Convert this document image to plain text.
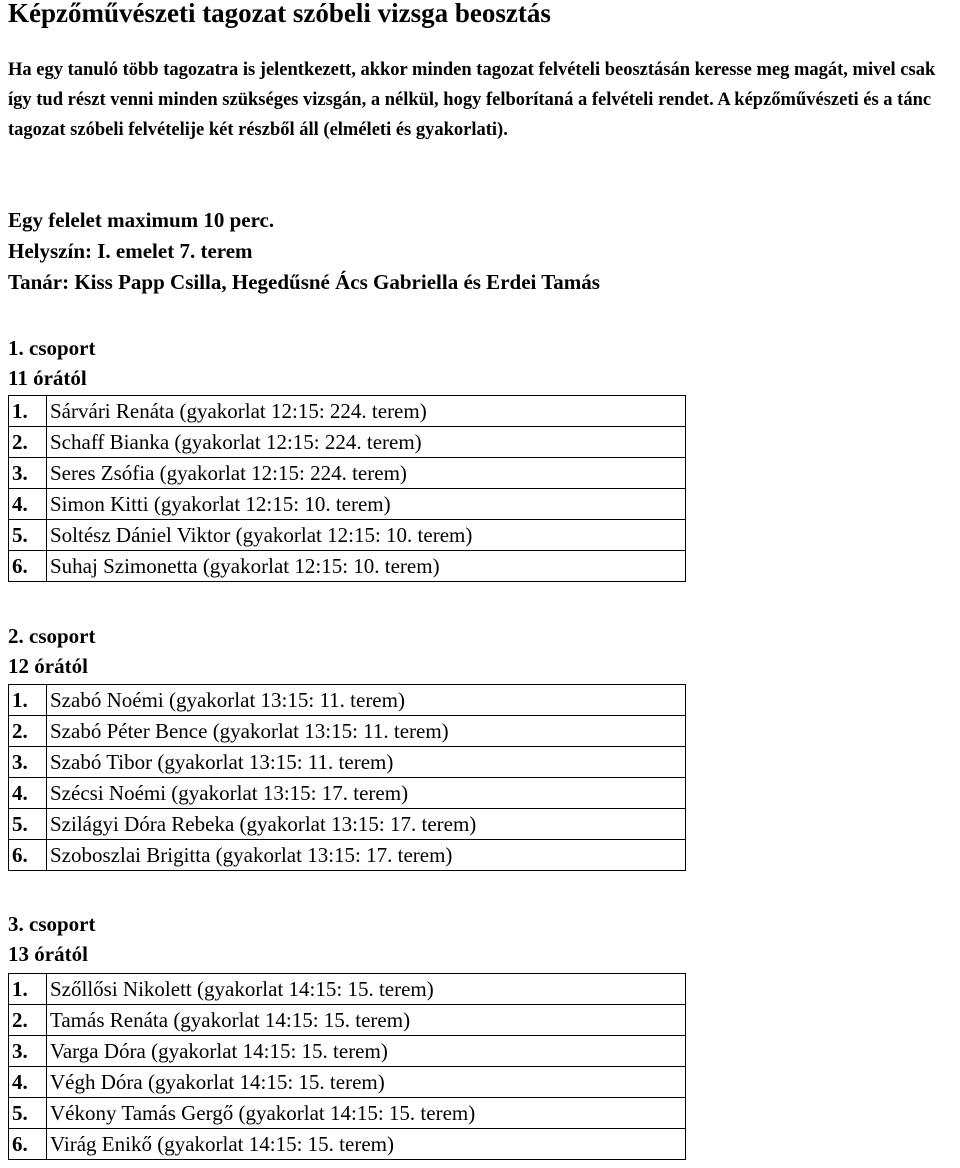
Képzőművészeti tagozat szóbeli vizsga beosztás
Ha egy tanuló több tagozatra is jelentkezett, akkor minden tagozat felvételi beosztásán keresse meg magát, mivel csak így tud részt venni minden szükséges vizsgán, a nélkül, hogy felborítaná a felvételi rendet. A képzőművészeti és a tánc tagozat szóbeli felvételije két részből áll (elméleti és gyakorlati).
Egy felelet maximum 10 perc.
Helyszín: I. emelet 7. terem
Tanár: Kiss Papp Csilla, Hegedűsné Ács Gabriella és Erdei Tamás
1. csoport
11 órától
1.	Sárvári Renáta (gyakorlat 12:15: 224. terem)
2.	Schaff Bianka (gyakorlat 12:15: 224. terem)
3.	Seres Zsófia (gyakorlat 12:15: 224. terem)
4.	Simon Kitti (gyakorlat 12:15: 10. terem)
5.	Soltész Dániel Viktor (gyakorlat 12:15: 10. terem)
6.	Suhaj Szimonetta (gyakorlat 12:15: 10. terem)
2. csoport
12 órától
1.	Szabó Noémi (gyakorlat 13:15: 11. terem)
2.	Szabó Péter Bence (gyakorlat 13:15: 11. terem)
3.	Szabó Tibor (gyakorlat 13:15: 11. terem)
4.	Szécsi Noémi (gyakorlat 13:15: 17. terem)
5.	Szilágyi Dóra Rebeka (gyakorlat 13:15: 17. terem)
6.	Szoboszlai Brigitta (gyakorlat 13:15: 17. terem)
3. csoport
13 órától
1.	Szőllősi Nikolett (gyakorlat 14:15: 15. terem)
2.	Tamás Renáta (gyakorlat 14:15: 15. terem)
3.	Varga Dóra (gyakorlat 14:15: 15. terem)
4.	Végh Dóra (gyakorlat 14:15: 15. terem)
5.	Vékony Tamás Gergő (gyakorlat 14:15: 15. terem)
6.	Virág Enikő (gyakorlat 14:15: 15. terem)
